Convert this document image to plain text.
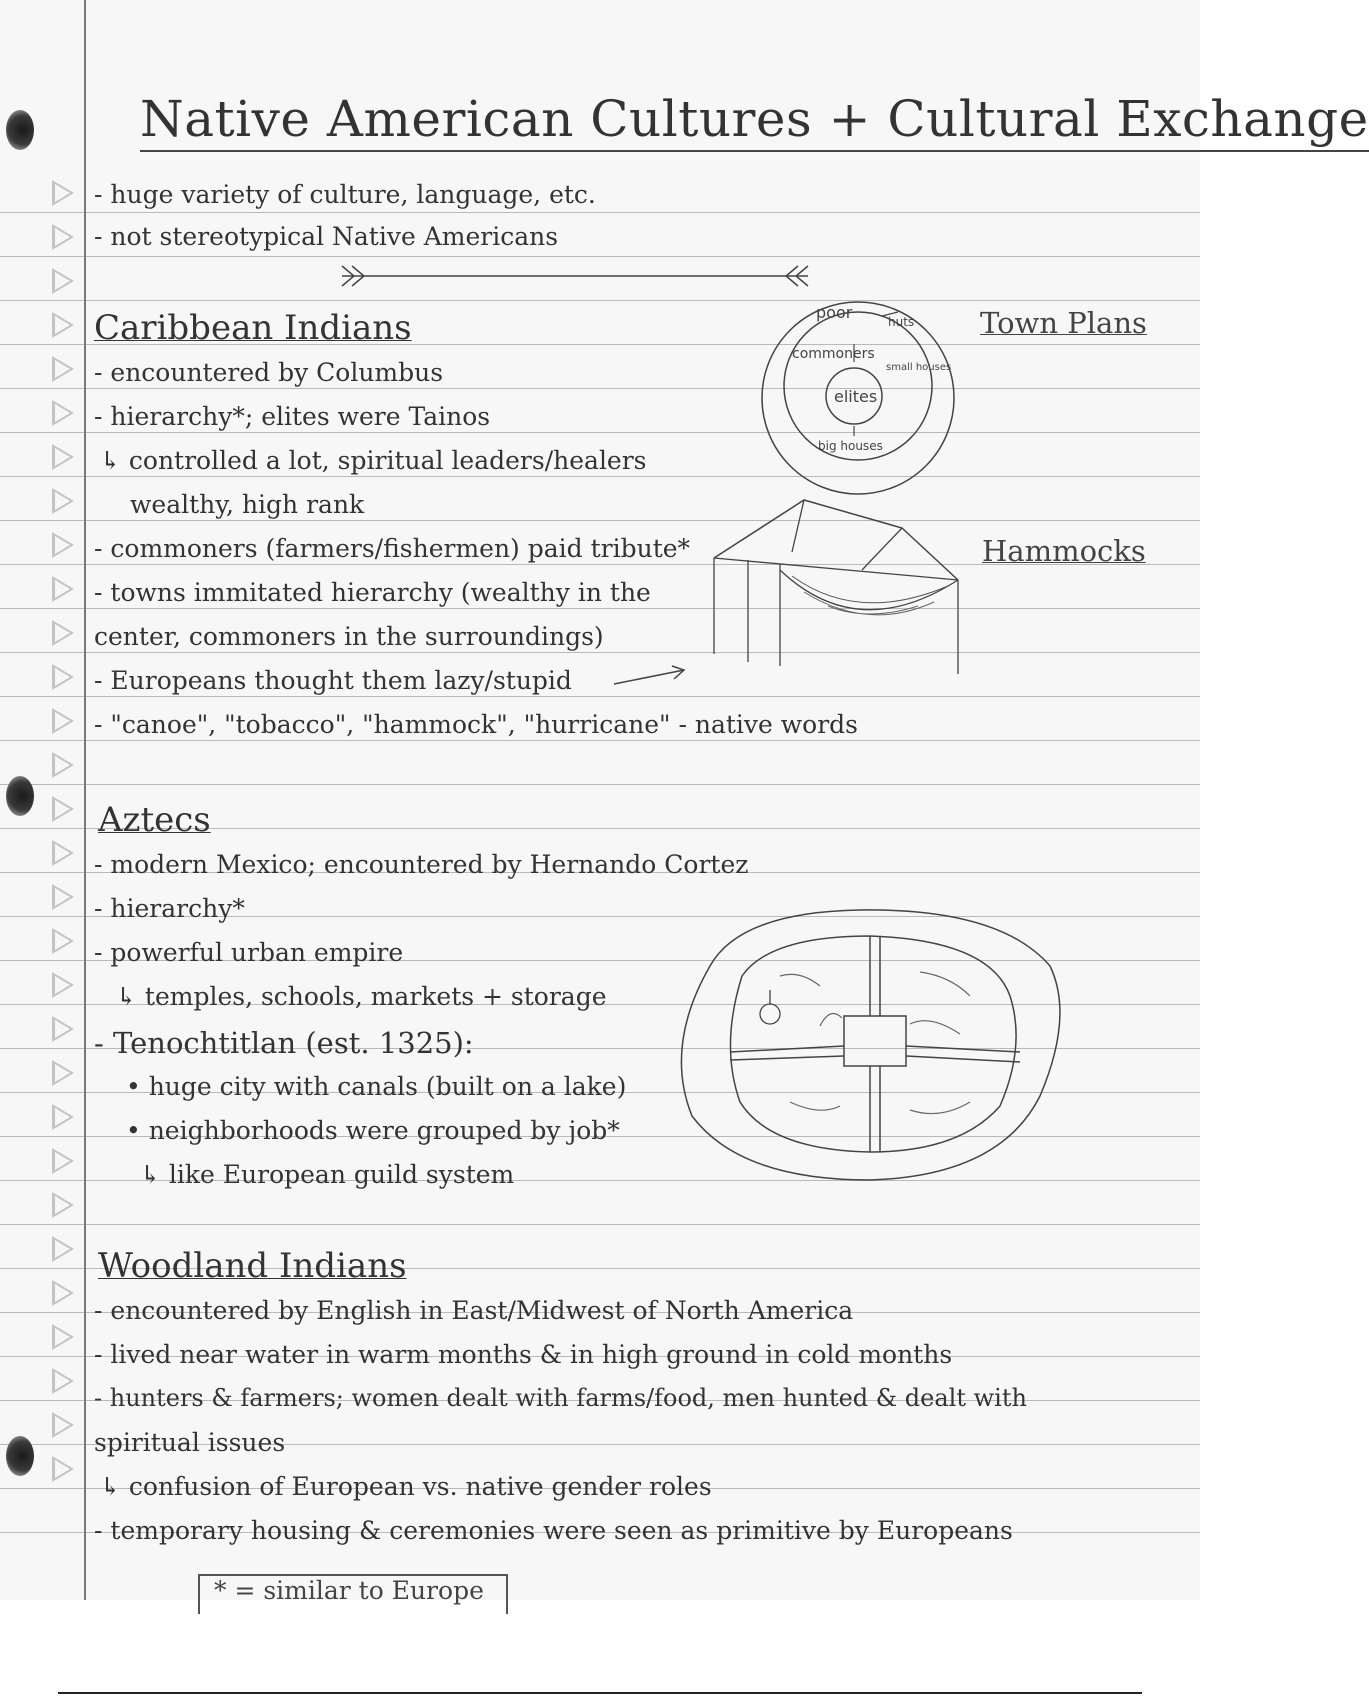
Native American Cultures + Cultural Exchange
- huge variety of culture, language, etc.
- not stereotypical Native Americans
Caribbean Indians
- encountered by Columbus
- hierarchy*; elites were Tainos
↳ controlled a lot, spiritual leaders/healers
wealthy, high rank
- commoners (farmers/fishermen) paid tribute*
- towns immitated hierarchy (wealthy in the
center, commoners in the surroundings)
- Europeans thought them lazy/stupid
- "canoe", "tobacco", "hammock", "hurricane" - native words
Town Plans
Hammocks
poor	huts
commoners
small houses
elites
big houses
Aztecs
- modern Mexico; encountered by Hernando Cortez
- hierarchy*
- powerful urban empire
↳ temples, schools, markets + storage
- Tenochtitlan (est. 1325):
• huge city with canals (built on a lake)
• neighborhoods were grouped by job*
↳ like European guild system
Woodland Indians
- encountered by English in East/Midwest of North America
- lived near water in warm months & in high ground in cold months
- hunters & farmers; women dealt with farms/food, men hunted & dealt with
spiritual issues
↳ confusion of European vs. native gender roles
- temporary housing & ceremonies were seen as primitive by Europeans
* = similar to Europe
